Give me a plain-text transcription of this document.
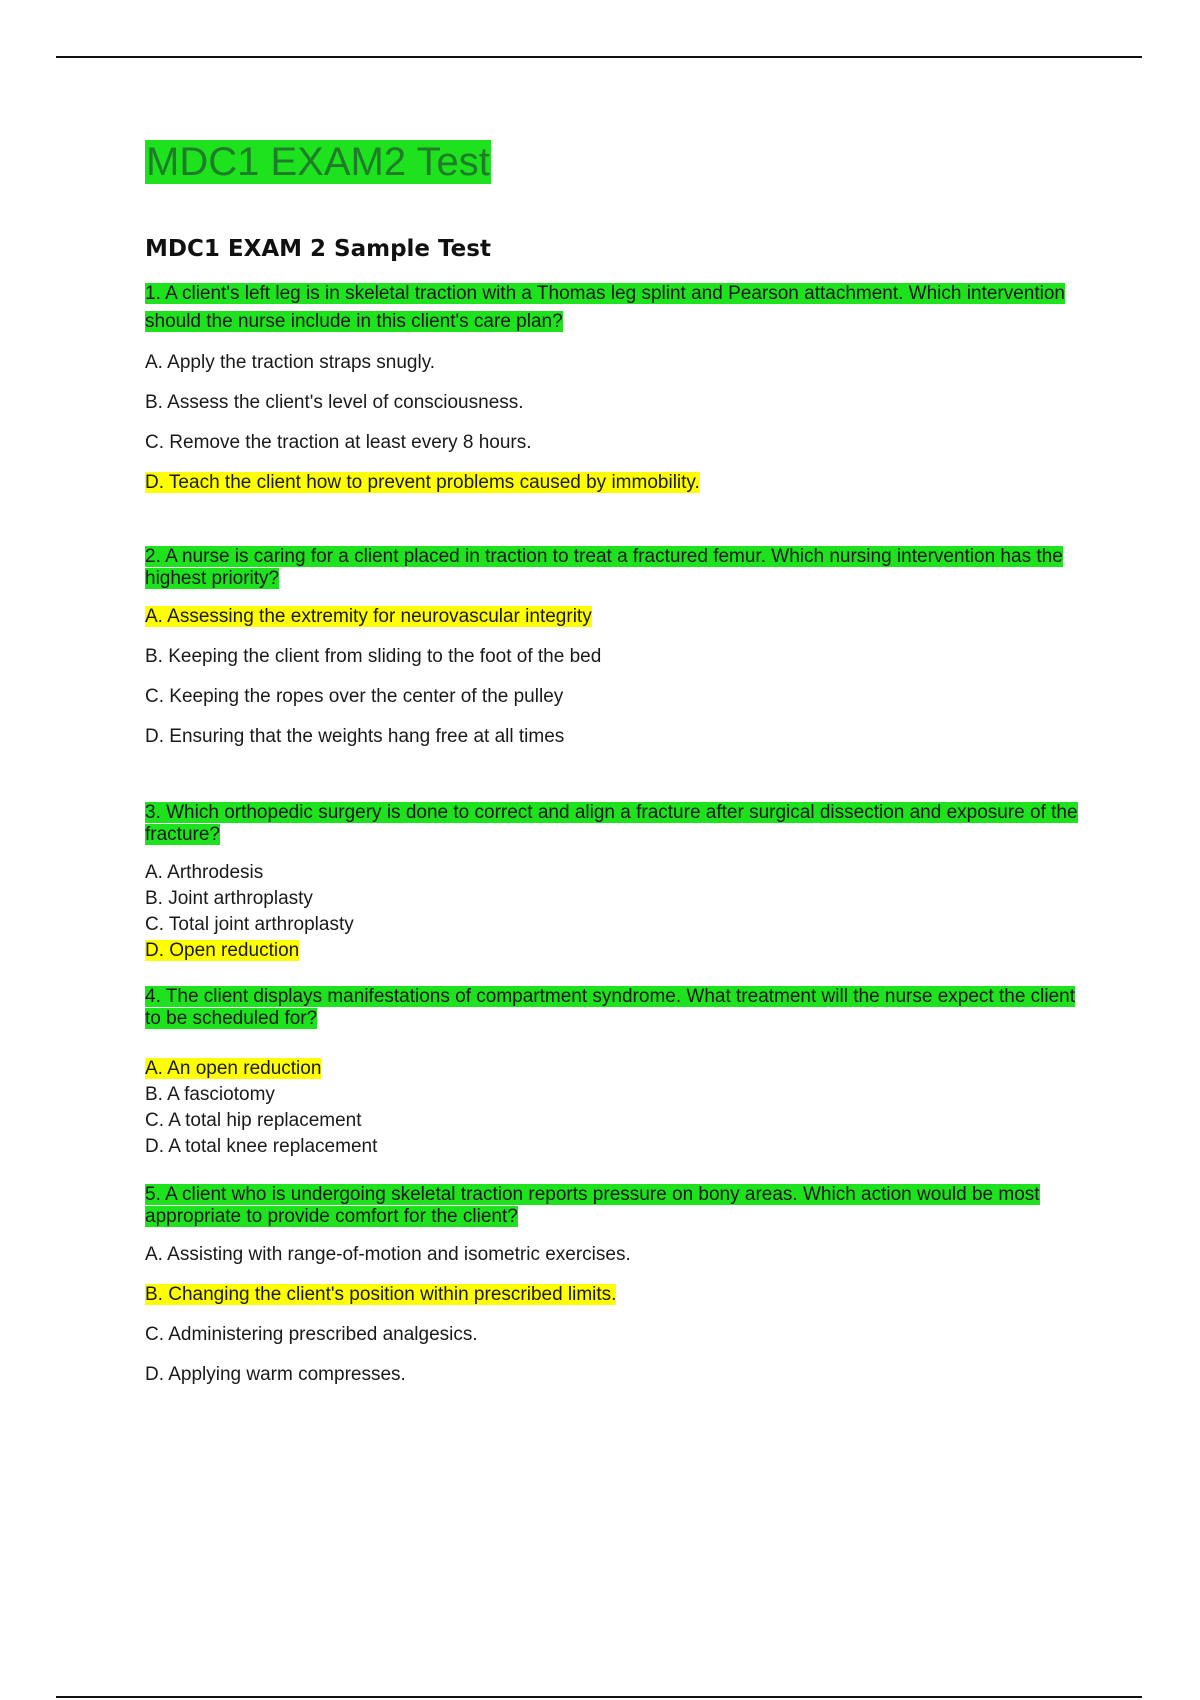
MDC1 EXAM2 Test
MDC1 EXAM 2 Sample Test

1. A client's left leg is in skeletal traction with a Thomas leg splint and Pearson attachment. Which intervention should the nurse include in this client's care plan?

A. Apply the traction straps snugly.
B. Assess the client's level of consciousness.
C. Remove the traction at least every 8 hours.
D. Teach the client how to prevent problems caused by immobility.

2. A nurse is caring for a client placed in traction to treat a fractured femur. Which nursing intervention has the highest priority?

A. Assessing the extremity for neurovascular integrity
B. Keeping the client from sliding to the foot of the bed
C. Keeping the ropes over the center of the pulley
D. Ensuring that the weights hang free at all times

3. Which orthopedic surgery is done to correct and align a fracture after surgical dissection and exposure of the fracture?

A. Arthrodesis
B. Joint arthroplasty
C. Total joint arthroplasty
D. Open reduction

4. The client displays manifestations of compartment syndrome. What treatment will the nurse expect the client to be scheduled for?

A. An open reduction
B. A fasciotomy
C. A total hip replacement
D. A total knee replacement

5. A client who is undergoing skeletal traction reports pressure on bony areas. Which action would be most appropriate to provide comfort for the client?

A. Assisting with range-of-motion and isometric exercises.
B. Changing the client's position within prescribed limits.
C. Administering prescribed analgesics.
D. Applying warm compresses.
